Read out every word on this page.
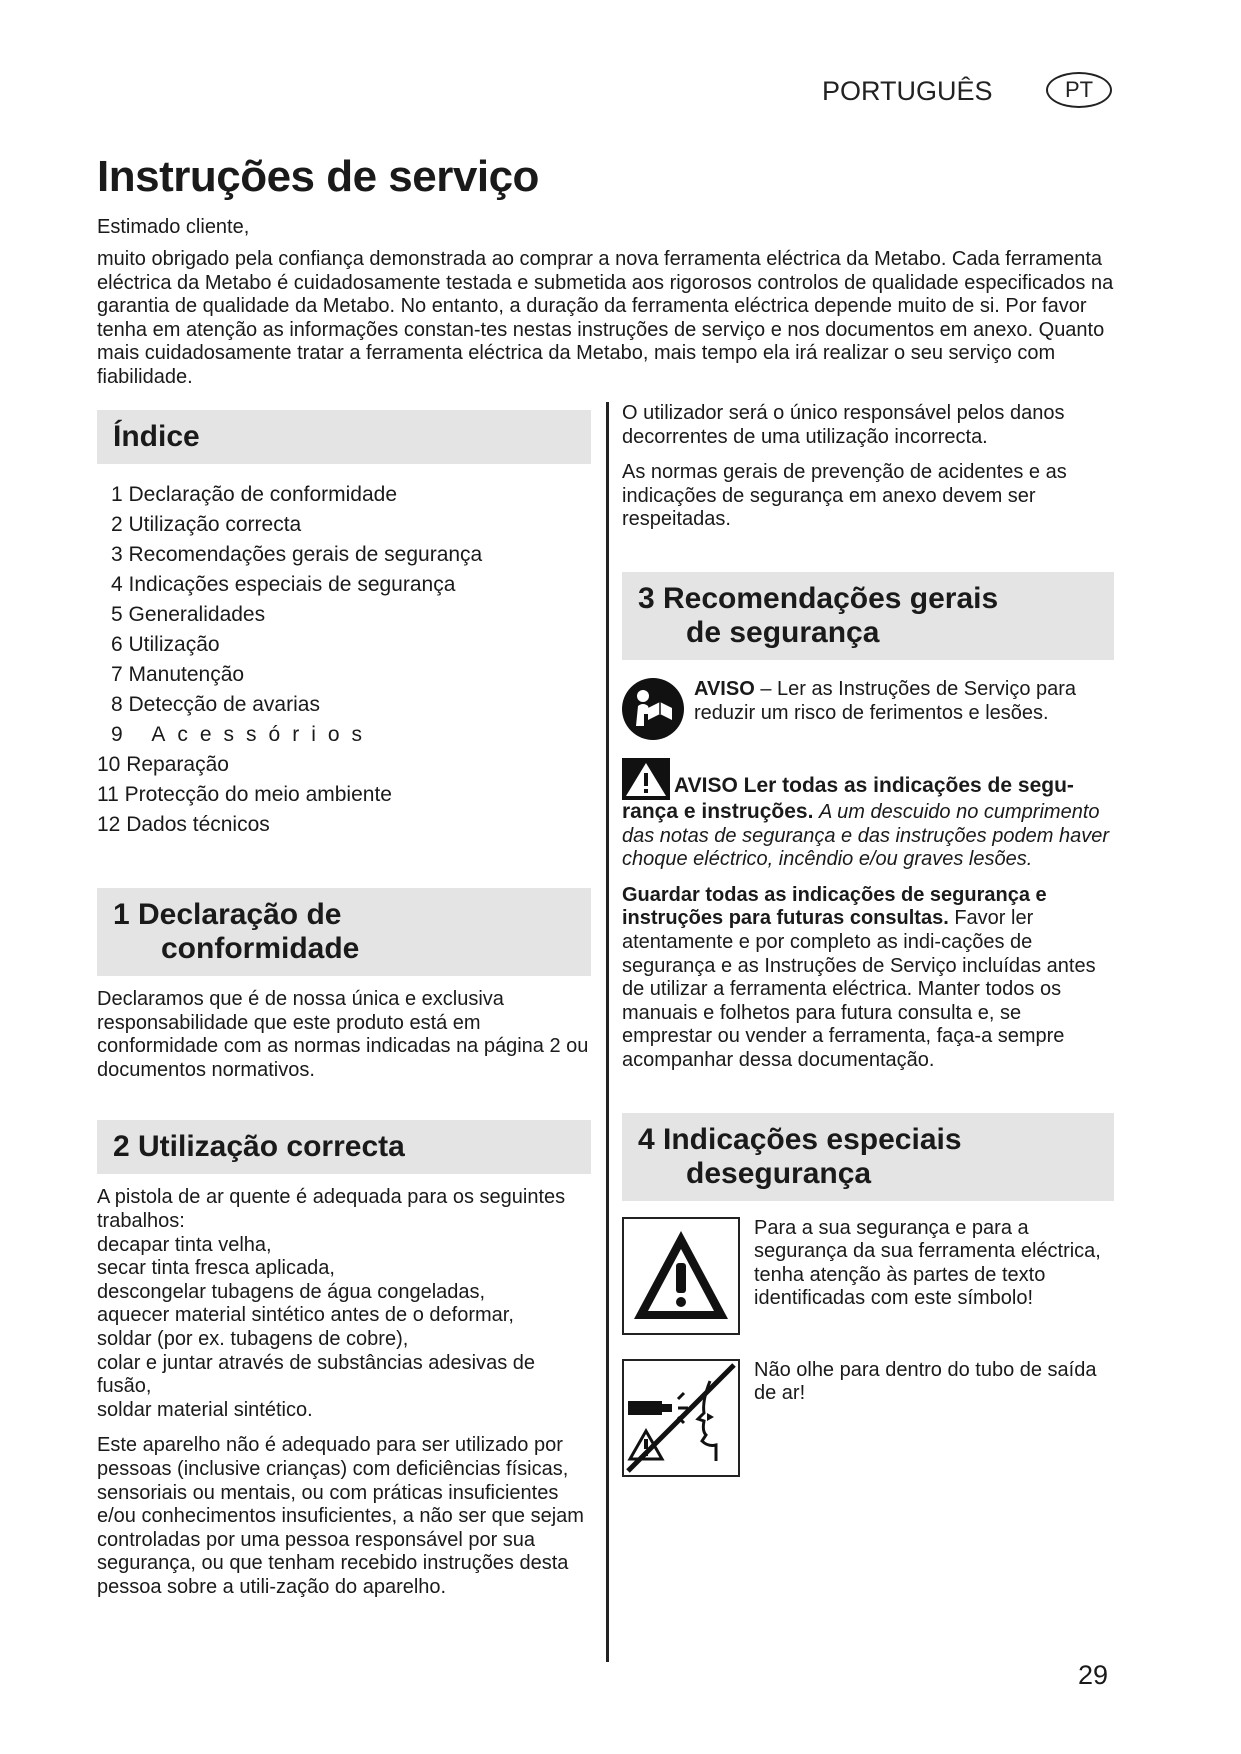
PORTUGUÊS	PT
Instruções de serviço
Estimado cliente,

muito obrigado pela confiança demonstrada ao comprar a nova ferramenta eléctrica da Metabo. Cada ferramenta eléctrica da Metabo é cuidadosamente testada e submetida aos rigorosos controlos de qualidade especificados na garantia de qualidade da Metabo. No entanto, a duração da ferramenta eléctrica depende muito de si. Por favor tenha em atenção as informações constan-tes nestas instruções de serviço e nos documentos em anexo. Quanto mais cuidadosamente tratar a ferramenta eléctrica da Metabo, mais tempo ela irá realizar o seu serviço com fiabilidade.

Índice
1 Declaração de conformidade
2 Utilização correcta
3 Recomendações gerais de segurança
4 Indicações especiais de segurança
5 Generalidades
6 Utilização
7 Manutenção
8 Detecção de avarias
9 Acessórios
10 Reparação
11 Protecção do meio ambiente
12 Dados técnicos
1 Declaração de
conformidade

Declaramos que é de nossa única e exclusiva responsabilidade que este produto está em conformidade com as normas indicadas na página 2 ou documentos normativos.

2 Utilização correcta

A pistola de ar quente é adequada para os seguintes trabalhos:

decapar tinta velha,

secar tinta fresca aplicada,

descongelar tubagens de água congeladas,

aquecer material sintético antes de o deformar,

soldar (por ex. tubagens de cobre),

colar e juntar através de substâncias adesivas de fusão,

soldar material sintético.

Este aparelho não é adequado para ser utilizado por pessoas (inclusive crianças) com deficiências físicas, sensoriais ou mentais, ou com práticas insuficientes e/ou conhecimentos insuficientes, a não ser que sejam controladas por uma pessoa responsável por sua segurança, ou que tenham recebido instruções desta pessoa sobre a utili-zação do aparelho.

O utilizador será o único responsável pelos danos decorrentes de uma utilização incorrecta.

As normas gerais de prevenção de acidentes e as indicações de segurança em anexo devem ser respeitadas.

3 Recomendações gerais
de segurança

AVISO – Ler as Instruções de Serviço para reduzir um risco de ferimentos e lesões.

AVISO Ler todas as indicações de segu-rança e instruções. A um descuido no cumprimento das notas de segurança e das instruções podem haver choque eléctrico, incêndio e/ou graves lesões.

Guardar todas as indicações de segurança e instruções para futuras consultas. Favor ler atentamente e por completo as indi-cações de segurança e as Instruções de Serviço incluídas antes de utilizar a ferramenta eléctrica. Manter todos os manuais e folhetos para futura consulta e, se emprestar ou vender a ferramenta, faça-a sempre acompanhar dessa documentação.

4 Indicações especiais
desegurança

Para a sua segurança e para a segurança da sua ferramenta eléctrica, tenha atenção às partes de texto identificadas com este símbolo!

Não olhe para dentro do tubo de saída de ar!

29
